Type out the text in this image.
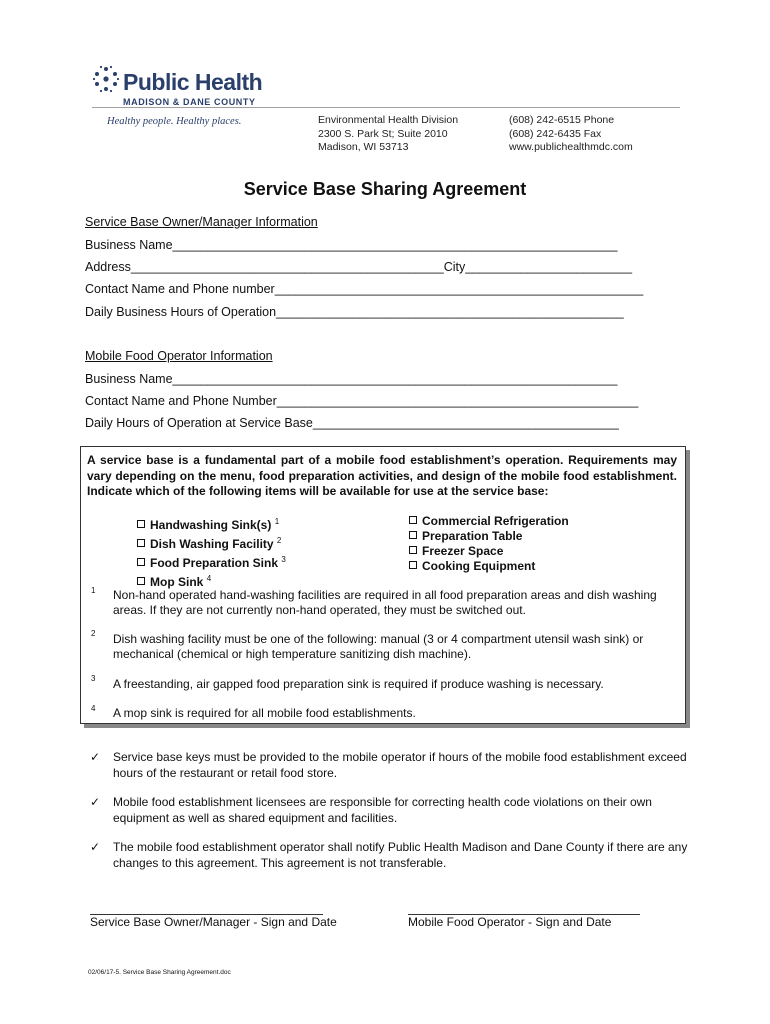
Public Health
MADISON & DANE COUNTY
Healthy people. Healthy places.	Environmental Health Division
2300 S. Park St; Suite 2010
Madison, WI 53713
(608) 242-6515 Phone
(608) 242-6435 Fax
www.publichealthmdc.com
Service Base Sharing Agreement
Service Base Owner/Manager Information
Business Name________________________________________________________________
Address_____________________________________________City________________________
Contact Name and Phone number_____________________________________________________
Daily Business Hours of Operation__________________________________________________
Mobile Food Operator Information
Business Name________________________________________________________________
Contact Name and Phone Number____________________________________________________
Daily Hours of Operation at Service Base____________________________________________
A service base is a fundamental part of a mobile food establishment’s operation. Requirements may vary depending on the menu, food preparation activities, and design of the mobile food establishment. Indicate which of the following items will be available for use at the service base:
Handwashing Sink(s) $^1$
Dish Washing Facility $^2$
Food Preparation Sink $^3$
Mop Sink $^4$
Commercial Refrigeration
Preparation Table
Freezer Space
Cooking Equipment
1 Non-hand operated hand-washing facilities are required in all food preparation areas and dish washing areas. If they are not currently non-hand operated, they must be switched out.
2 Dish washing facility must be one of the following: manual (3 or 4 compartment utensil wash sink) or mechanical (chemical or high temperature sanitizing dish machine).
3 A freestanding, air gapped food preparation sink is required if produce washing is necessary.
4 A mop sink is required for all mobile food establishments.
✓ Service base keys must be provided to the mobile operator if hours of the mobile food establishment exceed hours of the restaurant or retail food store.
✓ Mobile food establishment licensees are responsible for correcting health code violations on their own equipment as well as shared equipment and facilities.
✓ The mobile food establishment operator shall notify Public Health Madison and Dane County if there are any changes to this agreement. This agreement is not transferable.
Service Base Owner/Manager - Sign and Date	Mobile Food Operator - Sign and Date
02/06/17-5. Service Base Sharing Agreement.doc
